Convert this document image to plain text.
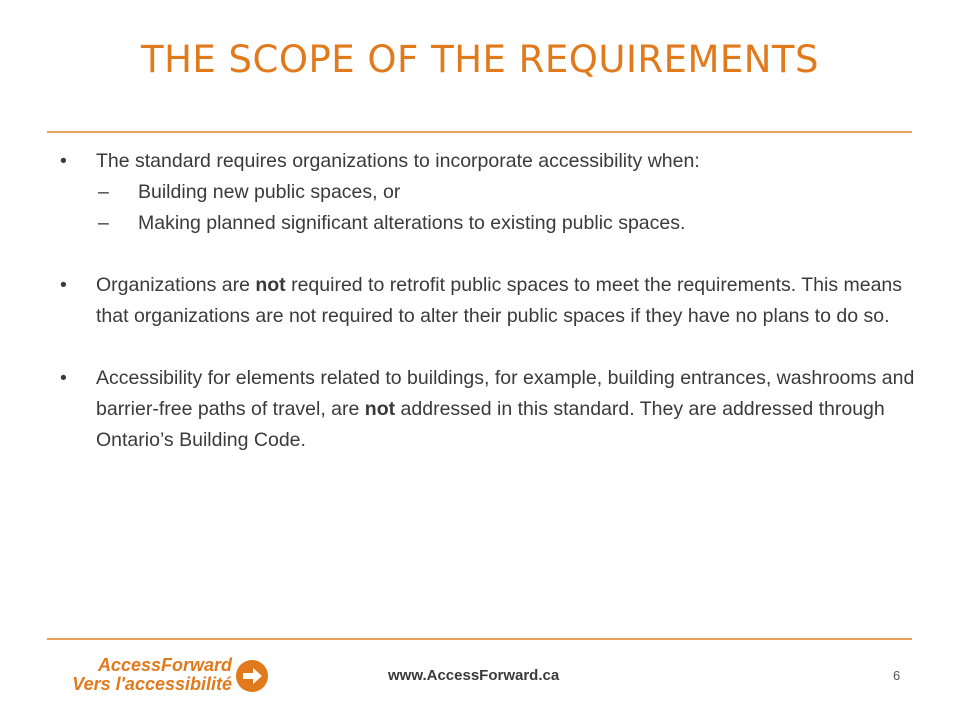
THE SCOPE OF THE REQUIREMENTS
• The standard requires organizations to incorporate accessibility when:
– Building new public spaces, or
– Making planned significant alterations to existing public spaces.
• Organizations are not required to retrofit public spaces to meet the requirements. This means that organizations are not required to alter their public spaces if they have no plans to do so.
• Accessibility for elements related to buildings, for example, building entrances, washrooms and barrier-free paths of travel, are not addressed in this standard. They are addressed through Ontario’s Building Code.
AccessForward
Vers l'accessibilité	www.AccessForward.ca	6
